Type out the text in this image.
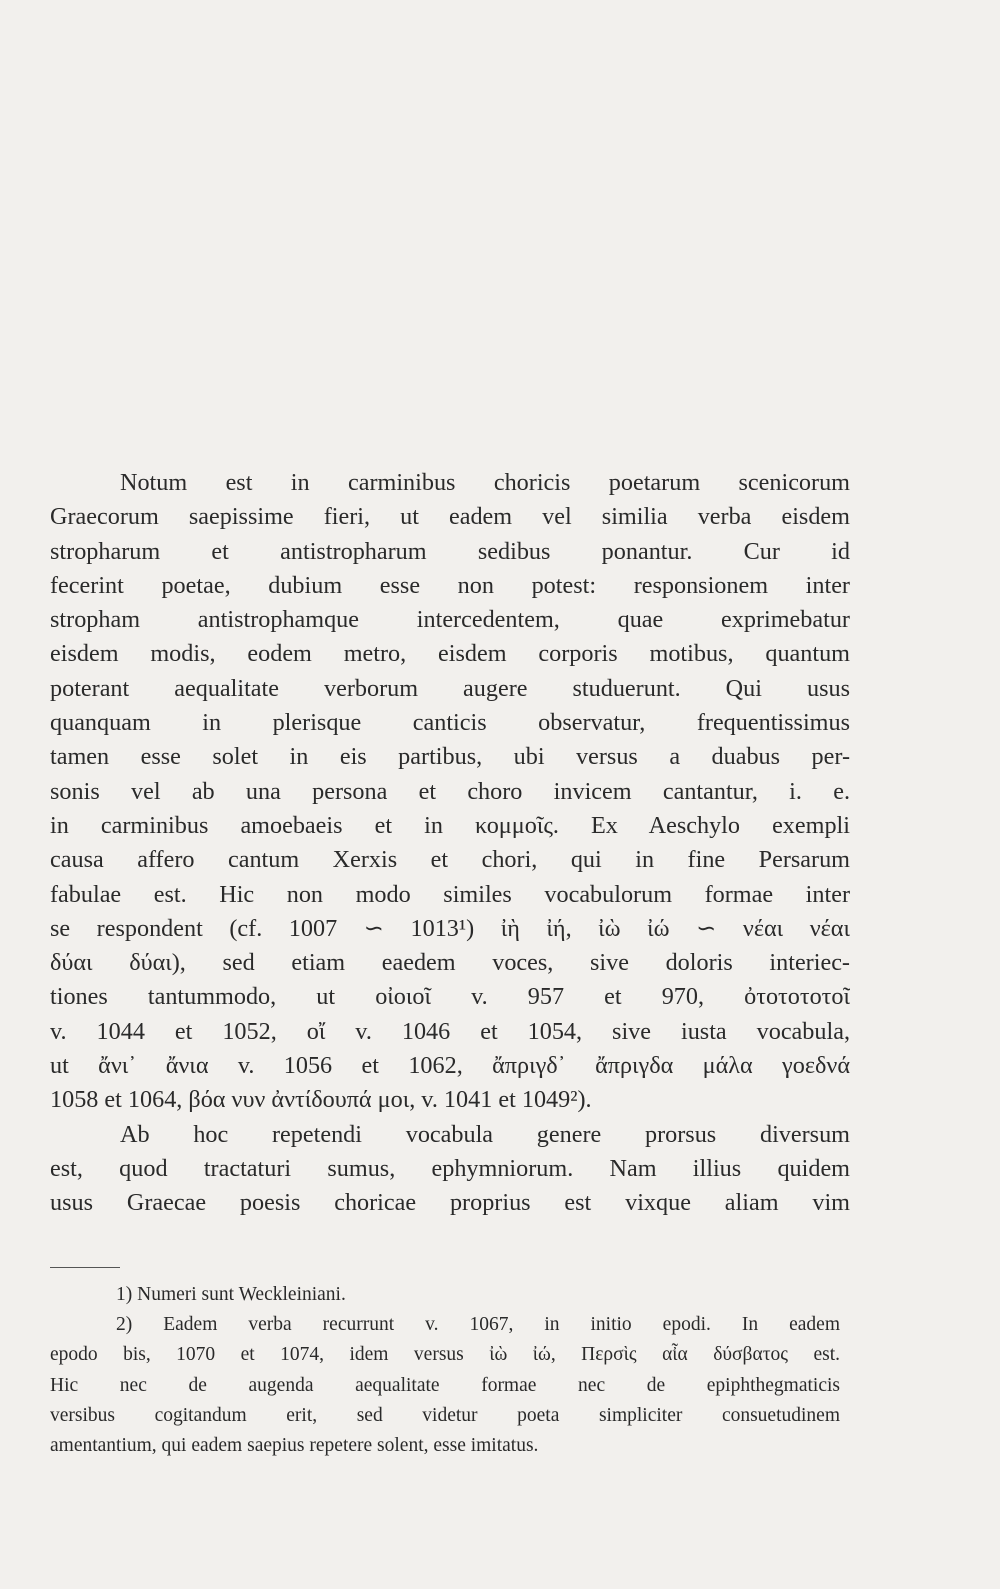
Notum est in carminibus choricis poetarum scenicorum
Graecorum saepissime fieri, ut eadem vel similia verba eisdem
stropharum et antistropharum sedibus ponantur. Cur id
fecerint poetae, dubium esse non potest: responsionem inter
stropham antistrophamque intercedentem, quae exprimebatur
eisdem modis, eodem metro, eisdem corporis motibus, quantum
poterant aequalitate verborum augere studuerunt. Qui usus
quanquam in plerisque canticis observatur, frequentissimus
tamen esse solet in eis partibus, ubi versus a duabus per-
sonis vel ab una persona et choro invicem cantantur, i. e.
in carminibus amoebaeis et in κομμοῖς. Ex Aeschylo exempli
causa affero cantum Xerxis et chori, qui in fine Persarum
fabulae est. Hic non modo similes vocabulorum formae inter
se respondent (cf. 1007 ∽ 1013¹) ἰὴ ἰή, ἰὼ ἰώ ∽ νέαι νέαι
δύαι δύαι), sed etiam eaedem voces, sive doloris interiec-
tiones tantummodo, ut οἰοιοῖ v. 957 et 970, ὀτοτοτοτοῖ
v. 1044 et 1052, οἴ v. 1046 et 1054, sive iusta vocabula,
ut ἄνι᾽ ἄνια v. 1056 et 1062, ἄπριγδ᾽ ἄπριγδα μάλα γοεδνά
1058 et 1064, βόα νυν ἀντίδουπά μοι, v. 1041 et 1049²).
Ab hoc repetendi vocabula genere prorsus diversum
est, quod tractaturi sumus, ephymniorum. Nam illius quidem
usus Graecae poesis choricae proprius est vixque aliam vim
1) Numeri sunt Weckleiniani.
2) Eadem verba recurrunt v. 1067, in initio epodi. In eadem
epodo bis, 1070 et 1074, idem versus ἰὼ ἰώ, Περσὶς αἶα δύσβατος est.
Hic nec de augenda aequalitate formae nec de epiphthegmaticis
versibus cogitandum erit, sed videtur poeta simpliciter consuetudinem
amentantium, qui eadem saepius repetere solent, esse imitatus.
